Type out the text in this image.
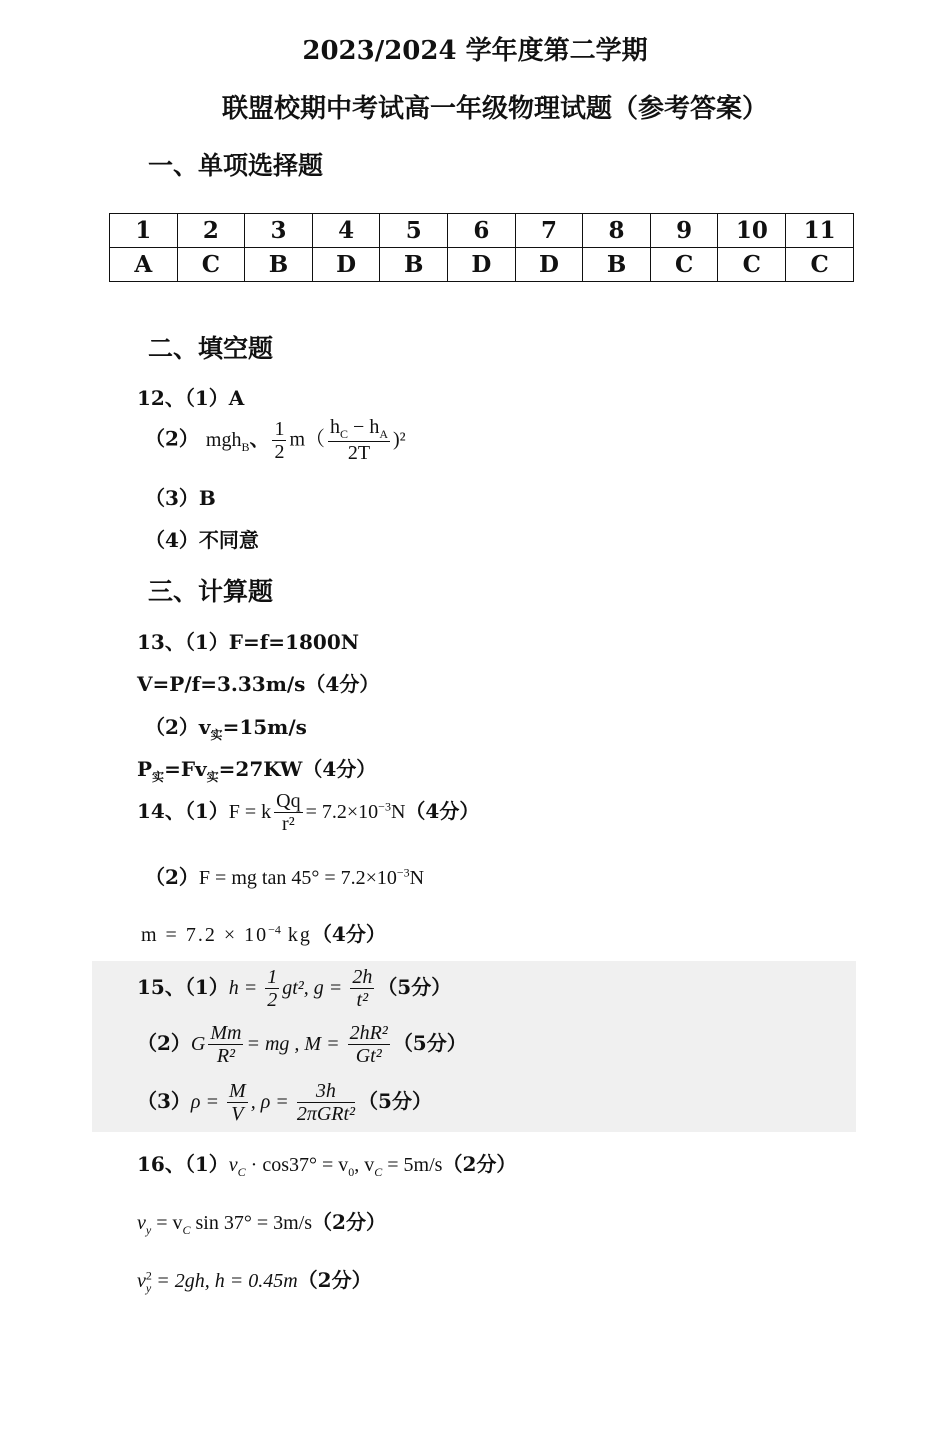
2023/2024 学年度第二学期
联盟校期中考试高一年级物理试题（参考答案）
一、单项选择题
1	2	3	4	5	6	7	8	9	10	11
A	C	B	D	B	D	D	B	C	C	C
二、填空题
12、（1）A
（2） mgh$_B$、 $\frac{1}{2} m( \frac{h_C - h_A}{2T} )^2$
（3）B
（4）不同意
三、计算题
13、（1）F=f=1800N
V=P/f=3.33m/s（4分）
$(2)v_实=15m/s$
$P_实=Fv_实=27KW(4$分）
14、（1）F = k $\frac{Qq}{\text{r²}} = 7.2\times 10^{-3}N(4$分）
（2）F = mg $\tan 45^\circ = 7.2\times 10^{-3}N$
$m = 7.2 \times 10^{-4}$ kg（4分）
15、$(1)h = \frac{1}{2} gt^2$, $g = \frac{2h}{\text{t²}} (5$分）
$(2)G \frac{Mm}{\text{R²}}$ = mg , $M = \frac{\text{2hR²}}{\text{Gt²}} (5$分）
$(3)\rho = \frac{M}{V}$ , $\rho = \frac{3h}{\text{2πGRt²}} (5$分）
16、$(1)v_C \cdot \cos 37^\circ = v_0$, $v_C = 5m/s(2$分）
$v_y = v_C$ sin 37° = 3m/s（2分）
$v^2_y = 2gh$, h = 0.45m（2分）
